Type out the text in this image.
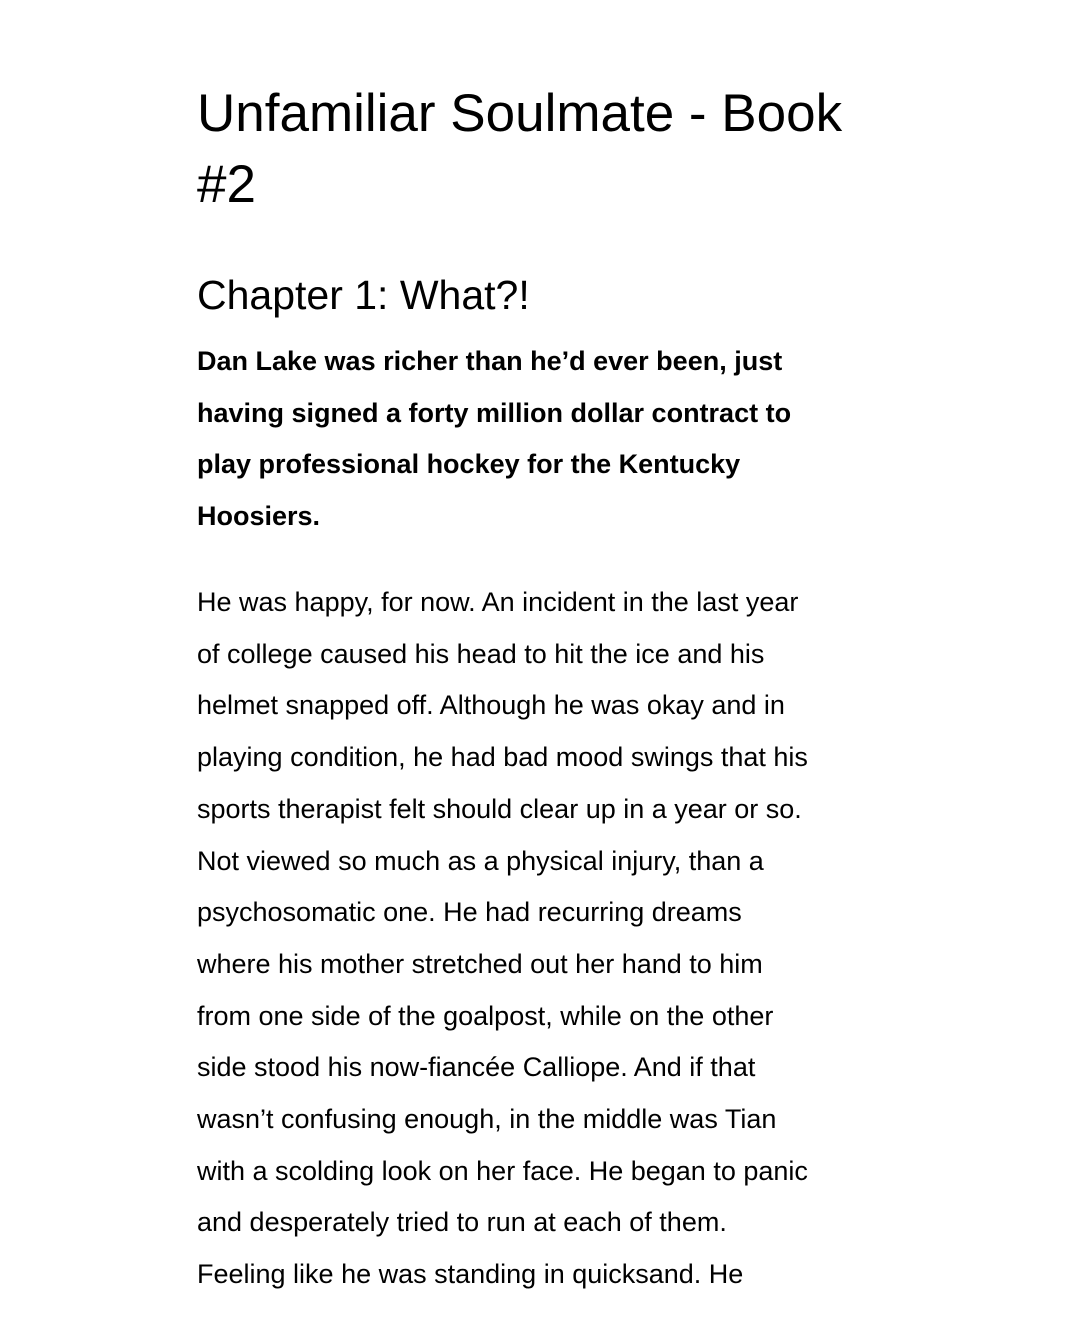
Unfamiliar Soulmate - Book
#2
Chapter 1: What?!

Dan Lake was richer than he’d ever been, just
having signed a forty million dollar contract to
play professional hockey for the Kentucky
Hoosiers.

He was happy, for now. An incident in the last year
of college caused his head to hit the ice and his
helmet snapped off. Although he was okay and in
playing condition, he had bad mood swings that his
sports therapist felt should clear up in a year or so.
Not viewed so much as a physical injury, than a
psychosomatic one. He had recurring dreams
where his mother stretched out her hand to him
from one side of the goalpost, while on the other
side stood his now-fiancée Calliope. And if that
wasn’t confusing enough, in the middle was Tian
with a scolding look on her face. He began to panic
and desperately tried to run at each of them.
Feeling like he was standing in quicksand. He
